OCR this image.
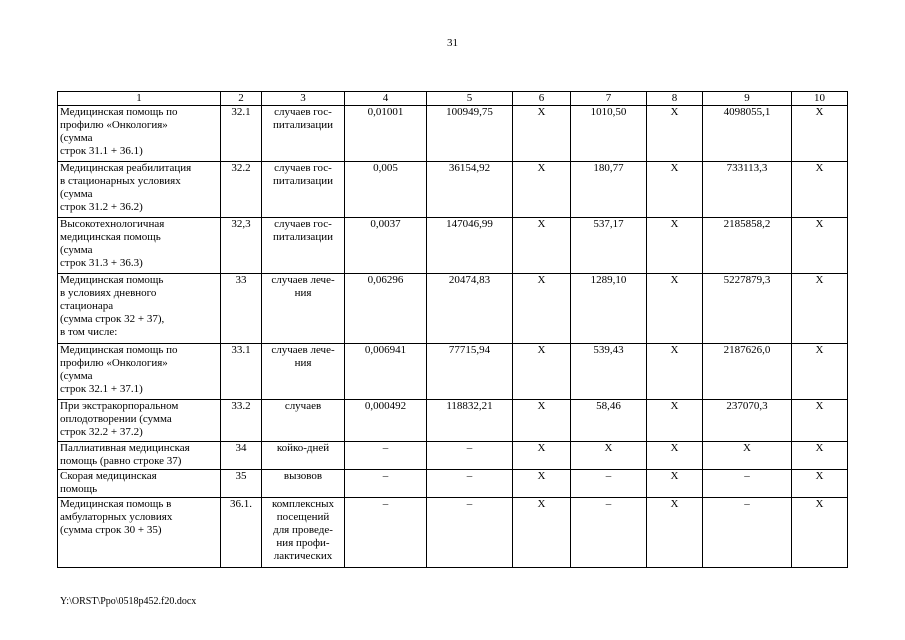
31
1	2	3	4	5	6	7	8	9	10
Медицинская помощь по
профилю «Онкология»
(сумма
строк 31.1 + 36.1)	32.1	случаев гос-
питализации	0,01001	100949,75	Х	1010,50	Х	4098055,1	Х
Медицинская реабилитация
в стационарных условиях
(сумма
строк 31.2 + 36.2)	32.2	случаев гос-
питализации	0,005	36154,92	Х	180,77	Х	733113,3	Х
Высокотехнологичная
медицинская помощь
(сумма
строк 31.3 + 36.3)	32,3	случаев гос-
питализации	0,0037	147046,99	Х	537,17	Х	2185858,2	Х
Медицинская помощь
в условиях дневного
стационара
(сумма строк 32 + 37),
в том числе:	33	случаев лече-
ния	0,06296	20474,83	Х	1289,10	Х	5227879,3	Х
Медицинская помощь по
профилю «Онкология»
(сумма
строк 32.1 + 37.1)	33.1	случаев лече-
ния	0,006941	77715,94	Х	539,43	Х	2187626,0	Х
При экстракорпоральном
оплодотворении (сумма
строк 32.2 + 37.2)	33.2	случаев	0,000492	118832,21	Х	58,46	Х	237070,3	Х
Паллиативная медицинская
помощь (равно строке 37)	34	койко-дней	–	–	Х	Х	Х	Х	Х
Скорая медицинская
помощь	35	вызовов	–	–	Х	–	Х	–	Х
Медицинская помощь в
амбулаторных условиях
(сумма строк 30 + 35)	36.1.	комплексных
посещений
для проведе-
ния профи-
лактических	–	–	Х	–	Х	–	Х
Y:\ORST\Ppo\0518p452.f20.docx
